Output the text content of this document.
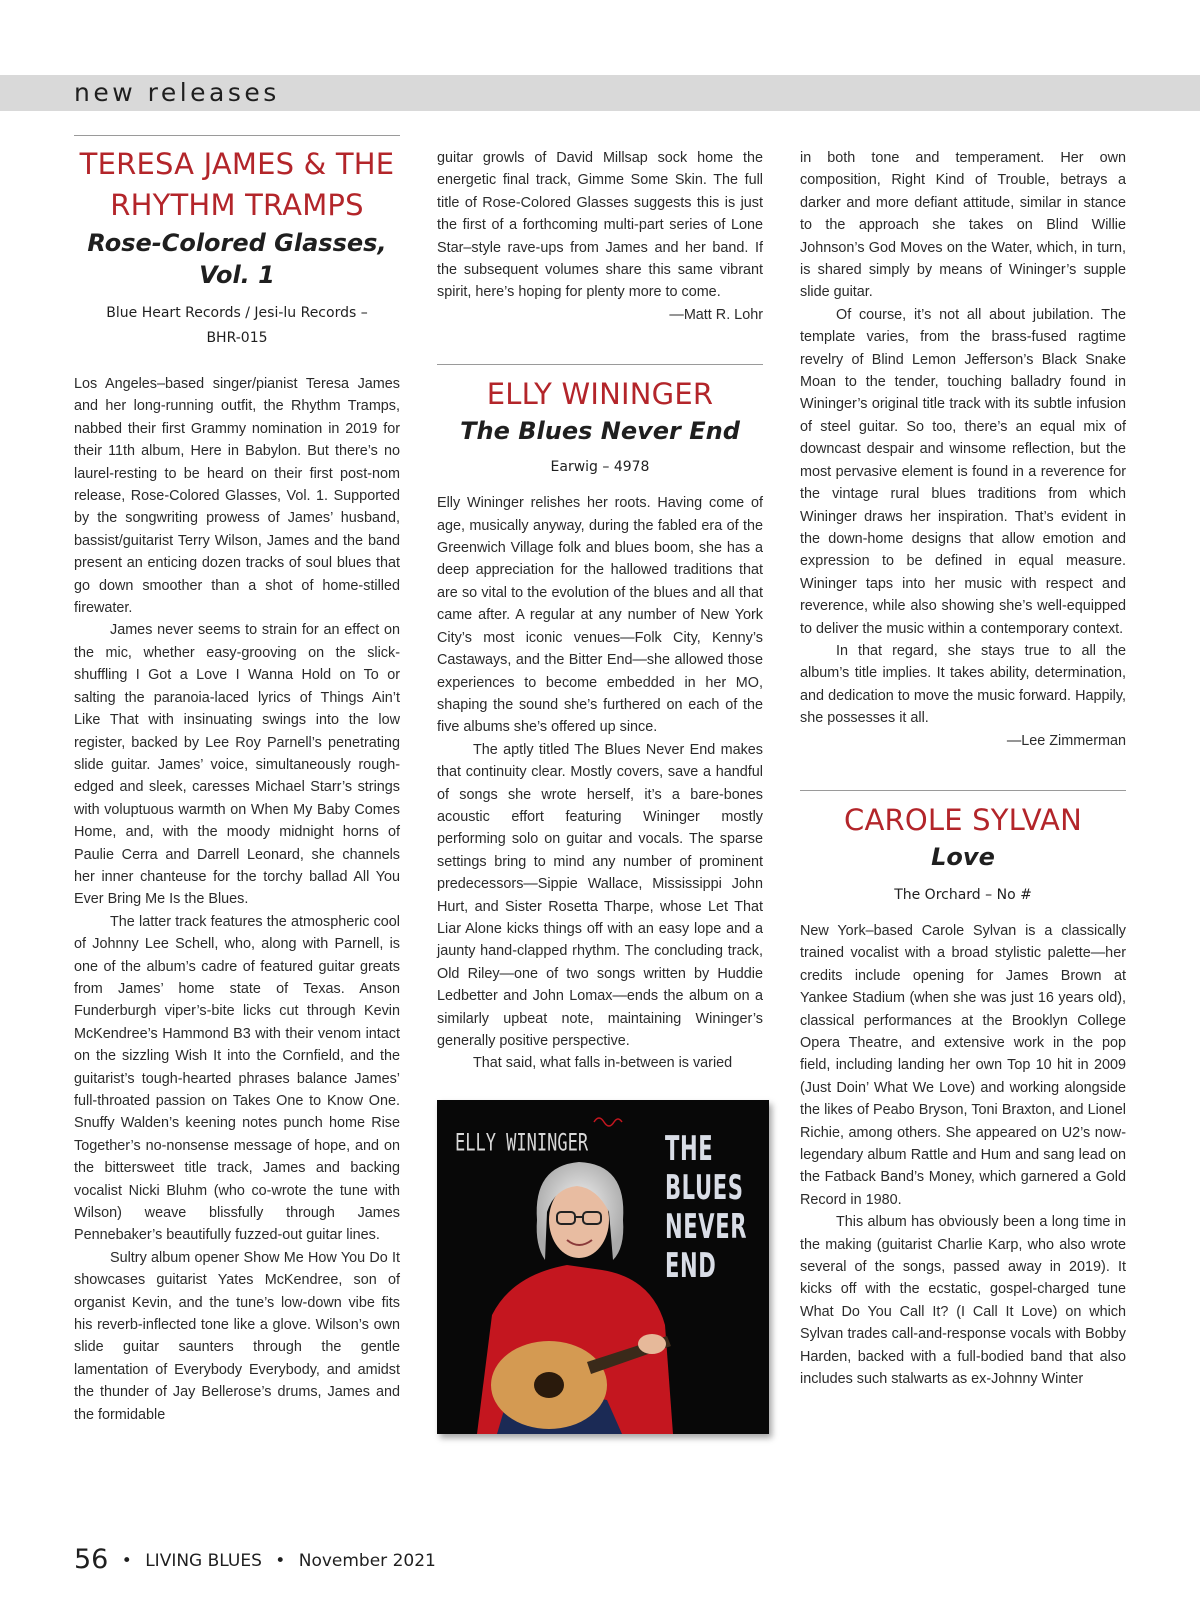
new releases
TERESA JAMES & THE
RHYTHM TRAMPS
Rose-Colored Glasses, Vol. 1
Blue Heart Records / Jesi-lu Records –
BHR-015

Los Angeles–based singer/pianist Teresa James and her long-running outfit, the Rhythm Tramps, nabbed their first Grammy nomination in 2019 for their 11th album, Here in Babylon. But there’s no laurel-resting to be heard on their first post-nom release, Rose-Colored Glasses, Vol. 1. Supported by the songwriting prowess of James’ husband, bassist/guitarist Terry Wilson, James and the band present an enticing dozen tracks of soul blues that go down smoother than a shot of home-stilled firewater.

James never seems to strain for an effect on the mic, whether easy-grooving on the slick-shuffling I Got a Love I Wanna Hold on To or salting the paranoia-laced lyrics of Things Ain’t Like That with insinuating swings into the low register, backed by Lee Roy Parnell’s penetrating slide guitar. James’ voice, simultaneously rough-edged and sleek, caresses Michael Starr’s strings with voluptuous warmth on When My Baby Comes Home, and, with the moody midnight horns of Paulie Cerra and Darrell Leonard, she channels her inner chanteuse for the torchy ballad All You Ever Bring Me Is the Blues.

The latter track features the atmospheric cool of Johnny Lee Schell, who, along with Parnell, is one of the album’s cadre of featured guitar greats from James’ home state of Texas. Anson Funderburgh viper’s-bite licks cut through Kevin McKendree’s Hammond B3 with their venom intact on the sizzling Wish It into the Cornfield, and the guitarist’s tough-hearted phrases balance James’ full-throated passion on Takes One to Know One. Snuffy Walden’s keening notes punch home Rise Together’s no-nonsense message of hope, and on the bittersweet title track, James and backing vocalist Nicki Bluhm (who co-wrote the tune with Wilson) weave blissfully through James Pennebaker’s beautifully fuzzed-out guitar lines.

Sultry album opener Show Me How You Do It showcases guitarist Yates McKendree, son of organist Kevin, and the tune’s low-down vibe fits his reverb-inflected tone like a glove. Wilson’s own slide guitar saunters through the gentle lamentation of Everybody Everybody, and amidst the thunder of Jay Bellerose’s drums, James and the formidable

guitar growls of David Millsap sock home the energetic final track, Gimme Some Skin. The full title of Rose-Colored Glasses suggests this is just the first of a forthcoming multi-part series of Lone Star–style rave-ups from James and her band. If the subsequent volumes share this same vibrant spirit, here’s hoping for plenty more to come.

—Matt R. Lohr

ELLY WININGER
The Blues Never End
Earwig – 4978

Elly Wininger relishes her roots. Having come of age, musically anyway, during the fabled era of the Greenwich Village folk and blues boom, she has a deep appreciation for the hallowed traditions that are so vital to the evolution of the blues and all that came after. A regular at any number of New York City’s most iconic venues—Folk City, Kenny’s Castaways, and the Bitter End—she allowed those experiences to become embedded in her MO, shaping the sound she’s furthered on each of the five albums she’s offered up since.

The aptly titled The Blues Never End makes that continuity clear. Mostly covers, save a handful of songs she wrote herself, it’s a bare-bones acoustic effort featuring Wininger mostly performing solo on guitar and vocals. The sparse settings bring to mind any number of prominent predecessors—Sippie Wallace, Mississippi John Hurt, and Sister Rosetta Tharpe, whose Let That Liar Alone kicks things off with an easy lope and a jaunty hand-clapped rhythm. The concluding track, Old Riley—one of two songs written by Huddie Ledbetter and John Lomax—ends the album on a similarly upbeat note, maintaining Wininger’s generally positive perspective.

That said, what falls in-between is varied

ELLY WININGER THE
BLUES
NEVER
END

in both tone and temperament. Her own composition, Right Kind of Trouble, betrays a darker and more defiant attitude, similar in stance to the approach she takes on Blind Willie Johnson’s God Moves on the Water, which, in turn, is shared simply by means of Wininger’s supple slide guitar.

Of course, it’s not all about jubilation. The template varies, from the brass-fused ragtime revelry of Blind Lemon Jefferson’s Black Snake Moan to the tender, touching balladry found in Wininger’s original title track with its subtle infusion of steel guitar. So too, there’s an equal mix of downcast despair and winsome reflection, but the most pervasive element is found in a reverence for the vintage rural blues traditions from which Wininger draws her inspiration. That’s evident in the down-home designs that allow emotion and expression to be defined in equal measure. Wininger taps into her music with respect and reverence, while also showing she’s well-equipped to deliver the music within a contemporary context.

In that regard, she stays true to all the album’s title implies. It takes ability, determination, and dedication to move the music forward. Happily, she possesses it all.

—Lee Zimmerman

CAROLE SYLVAN
Love
The Orchard – No #

New York–based Carole Sylvan is a classically trained vocalist with a broad stylistic palette—her credits include opening for James Brown at Yankee Stadium (when she was just 16 years old), classical performances at the Brooklyn College Opera Theatre, and extensive work in the pop field, including landing her own Top 10 hit in 2009 (Just Doin’ What We Love) and working alongside the likes of Peabo Bryson, Toni Braxton, and Lionel Richie, among others. She appeared on U2’s now-legendary album Rattle and Hum and sang lead on the Fatback Band’s Money, which garnered a Gold Record in 1980.

This album has obviously been a long time in the making (guitarist Charlie Karp, who also wrote several of the songs, passed away in 2019). It kicks off with the ecstatic, gospel-charged tune What Do You Call It? (I Call It Love) on which Sylvan trades call-and-response vocals with Bobby Harden, backed with a full-bodied band that also includes such stalwarts as ex-Johnny Winter

56 • LIVING BLUES • November 2021
